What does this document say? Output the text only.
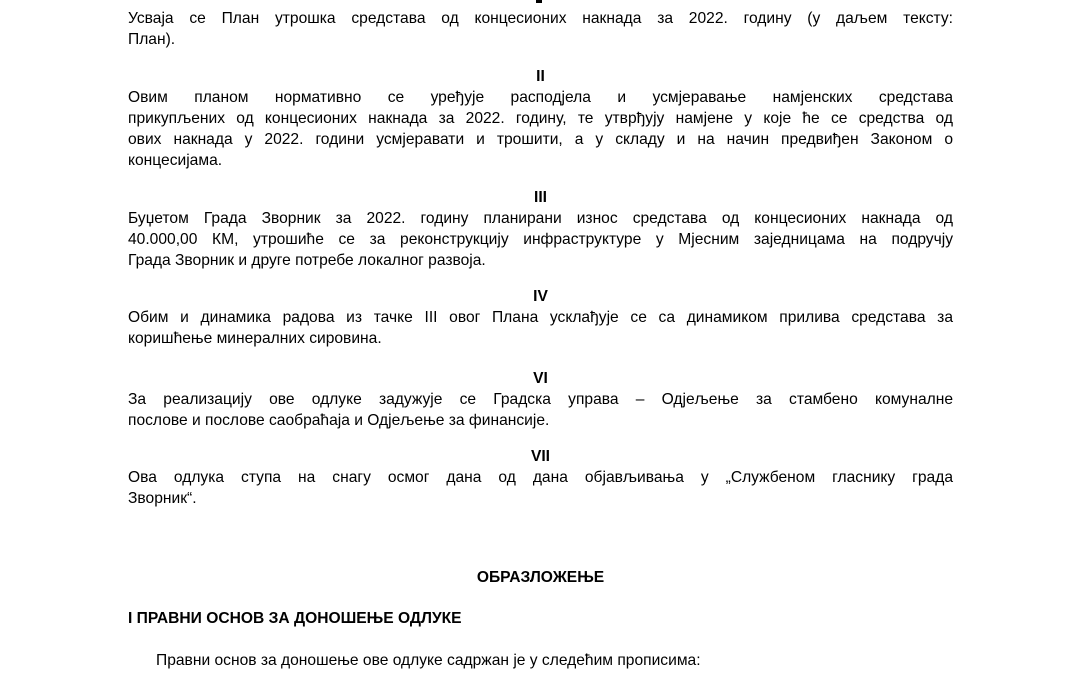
Усваја се План утрошка средстава од концесионих накнада за 2022. годину (у даљем тексту:
План).
II
Овим планом нормативно се уређује расподјела и усмјеравање намјенских средстава
прикупљених од концесионих накнада за 2022. годину, те утврђују намјене у које ће се средства од
ових накнада у 2022. години усмјеравати и трошити, а у складу и на начин предвиђен Законом о
концесијама.
III
Буџетом Града Зворник за 2022. годину планирани износ средстава од концесионих накнада од
40.000,00 КМ, утрошиће се за реконструкцију инфраструктуре у Мјесним заједницама на подручју
Града Зворник и друге потребе локалног развоја.
IV
Обим и динамика радова из тачке III овог Плана усклађује се са динамиком прилива средстава за
коришћење минералних сировина.
VI
За реализацију ове одлуке задужује се Градска управа – Одјељење за стамбено комуналне
послове и послове саобраћаја и Одјељење за финансије.
VII
Ова одлука ступа на снагу осмог дана од дана објављивања у „Службеном гласнику града
Зворник“.
ОБРАЗЛОЖЕЊЕ
I ПРАВНИ ОСНОВ ЗА ДОНОШЕЊЕ ОДЛУКЕ
Правни основ за доношење ове одлуке садржан је у следећим прописима:
